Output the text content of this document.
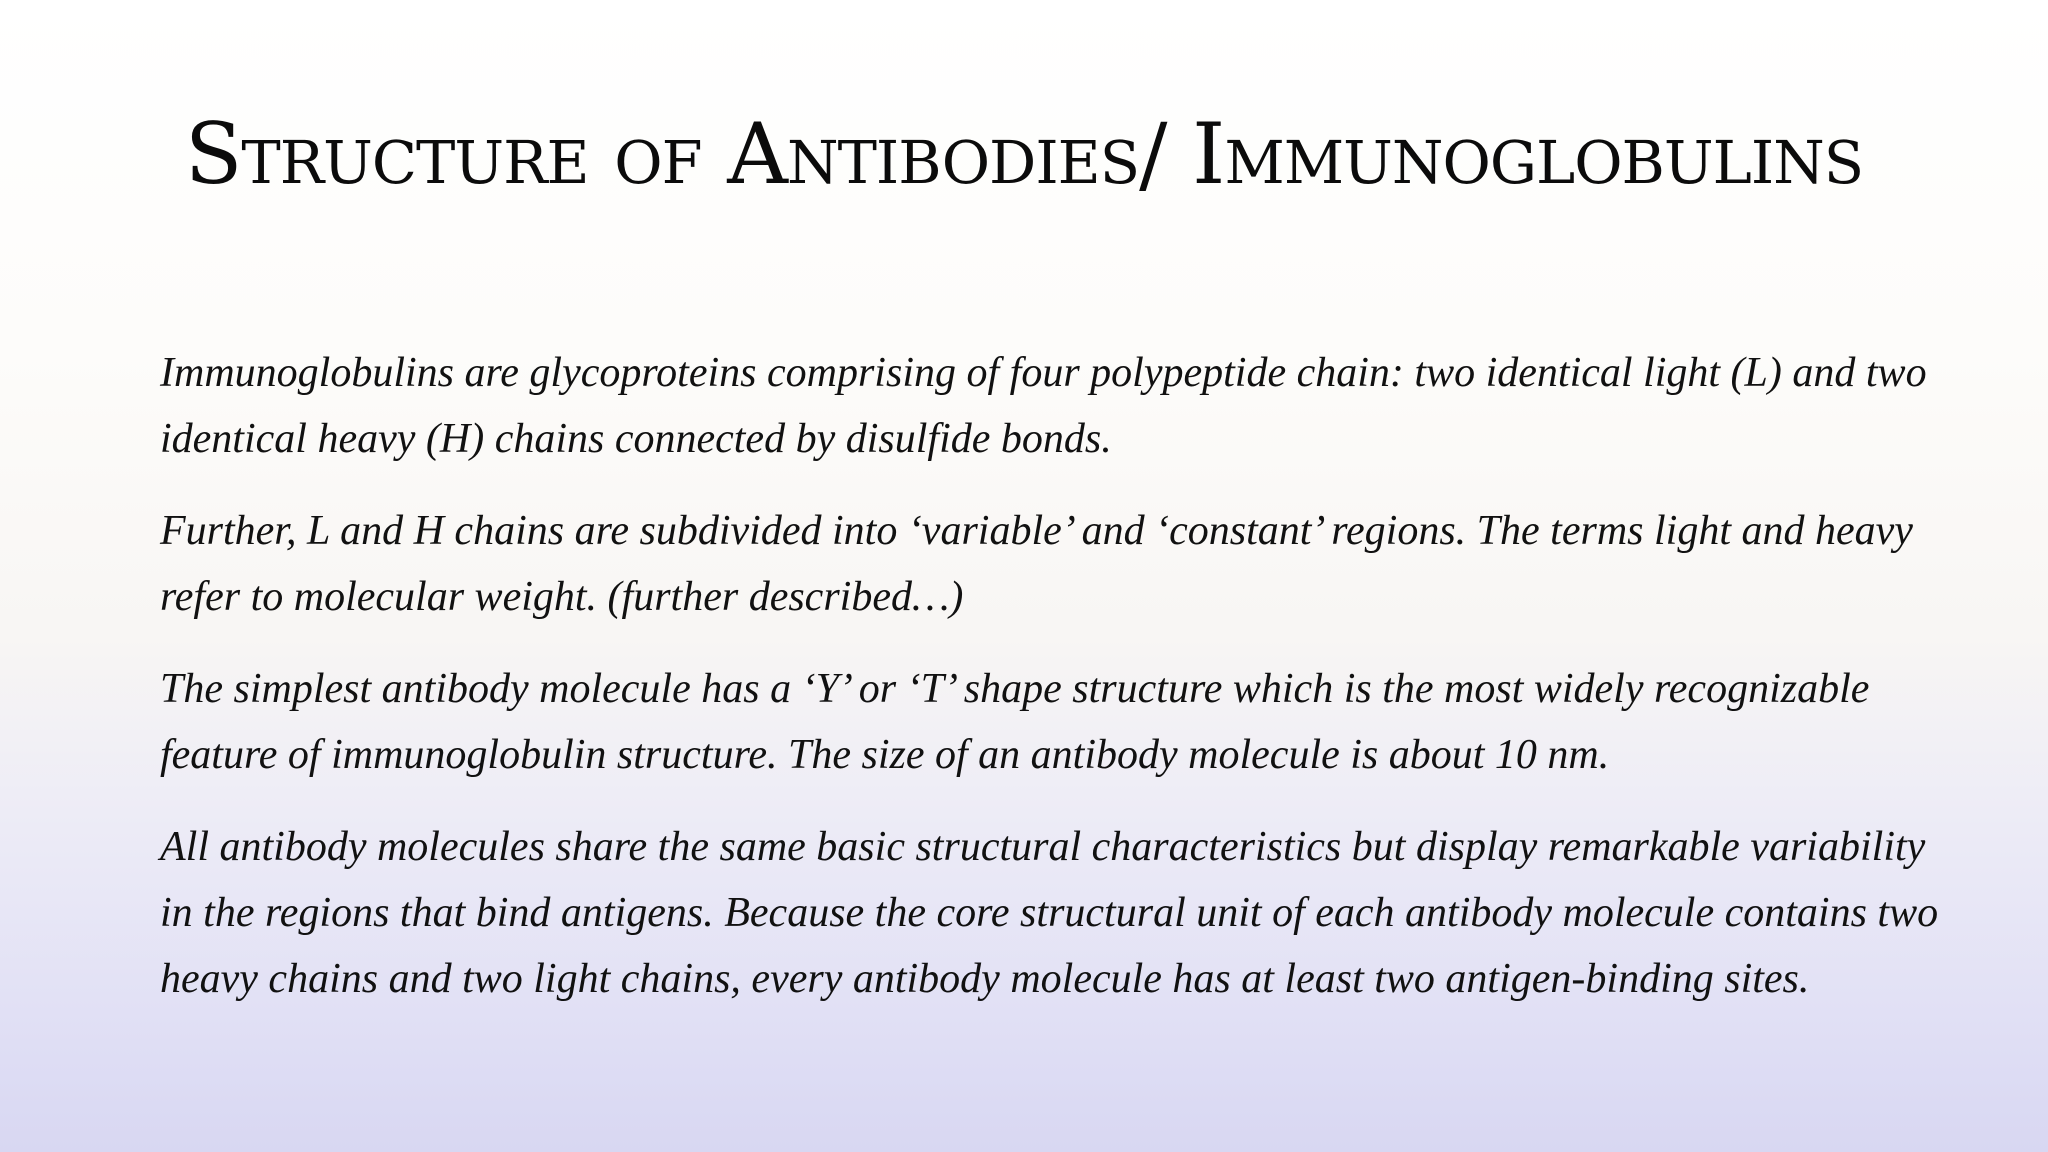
Structure of Antibodies/ Immunoglobulins

Immunoglobulins are glycoproteins comprising of four polypeptide chain: two identical light (L) and two identical heavy (H) chains connected by disulfide bonds.

Further, L and H chains are subdivided into ‘variable’ and ‘constant’ regions. The terms light and heavy refer to molecular weight. (further described…)

The simplest antibody molecule has a ‘Y’ or ‘T’ shape structure which is the most widely recognizable feature of immunoglobulin structure. The size of an antibody molecule is about 10 nm.

All antibody molecules share the same basic structural characteristics but display remarkable variability in the regions that bind antigens. Because the core structural unit of each antibody molecule contains two heavy chains and two light chains, every antibody molecule has at least two antigen-binding sites.
